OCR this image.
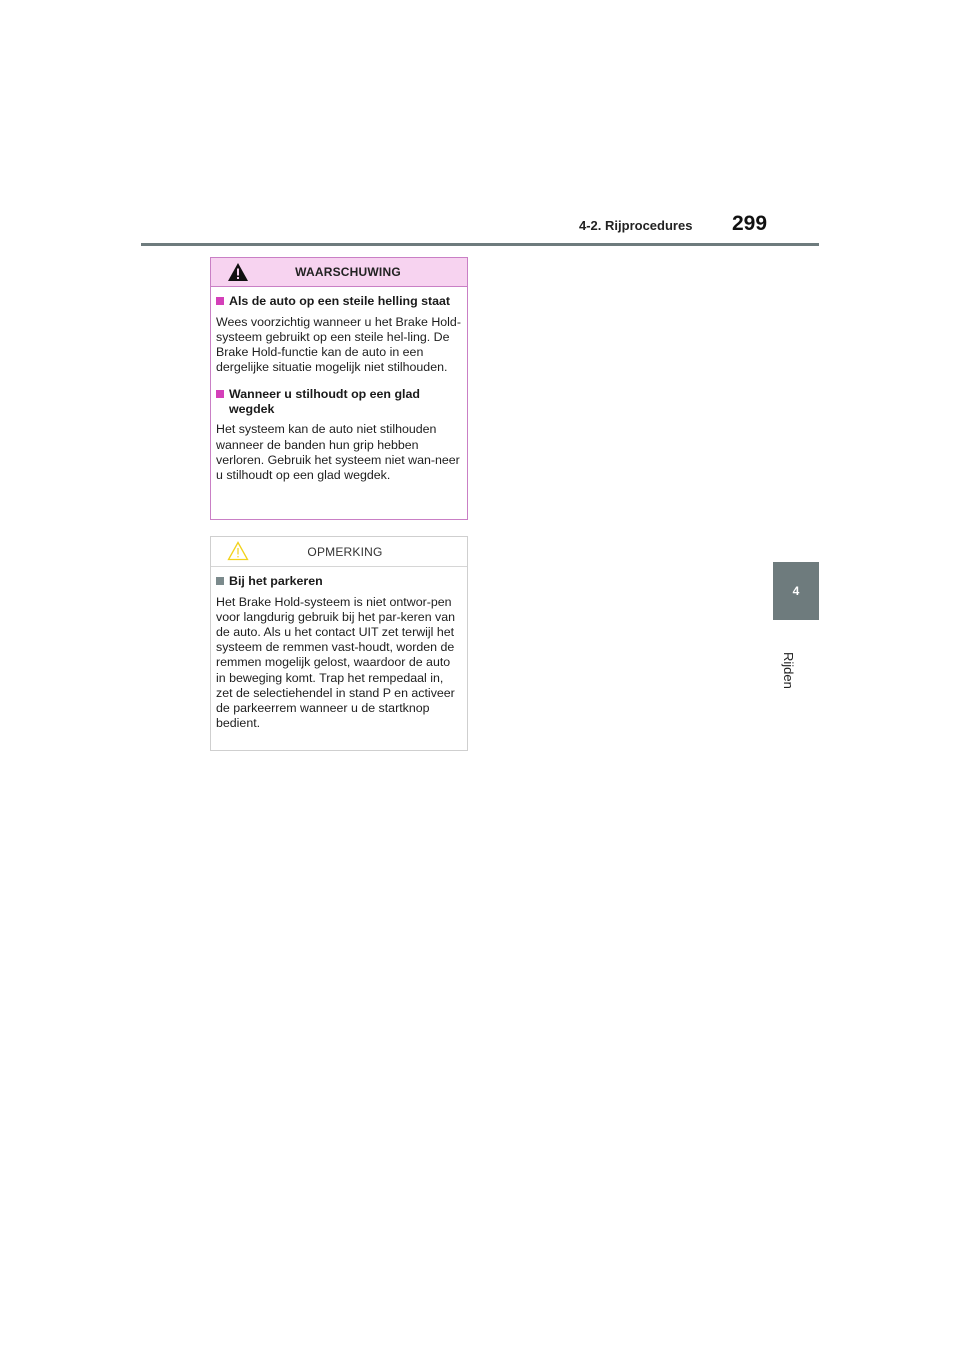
4-2. Rijprocedures 299
4
Rijden
WAARSCHUWING
Als de auto op een steile helling staat

Wees voorzichtig wanneer u het Brake Hold-systeem gebruikt op een steile hel-ling. De Brake Hold-functie kan de auto in een dergelijke situatie mogelijk niet stilhouden.

Wanneer u stilhoudt op een glad wegdek

Het systeem kan de auto niet stilhouden wanneer de banden hun grip hebben verloren. Gebruik het systeem niet wan-neer u stilhoudt op een glad wegdek.

OPMERKING
Bij het parkeren

Het Brake Hold-systeem is niet ontwor-pen voor langdurig gebruik bij het par-keren van de auto. Als u het contact UIT zet terwijl het systeem de remmen vast-houdt, worden de remmen mogelijk gelost, waardoor de auto in beweging komt. Trap het rempedaal in, zet de selectiehendel in stand P en activeer de parkeerrem wanneer u de startknop bedient.
